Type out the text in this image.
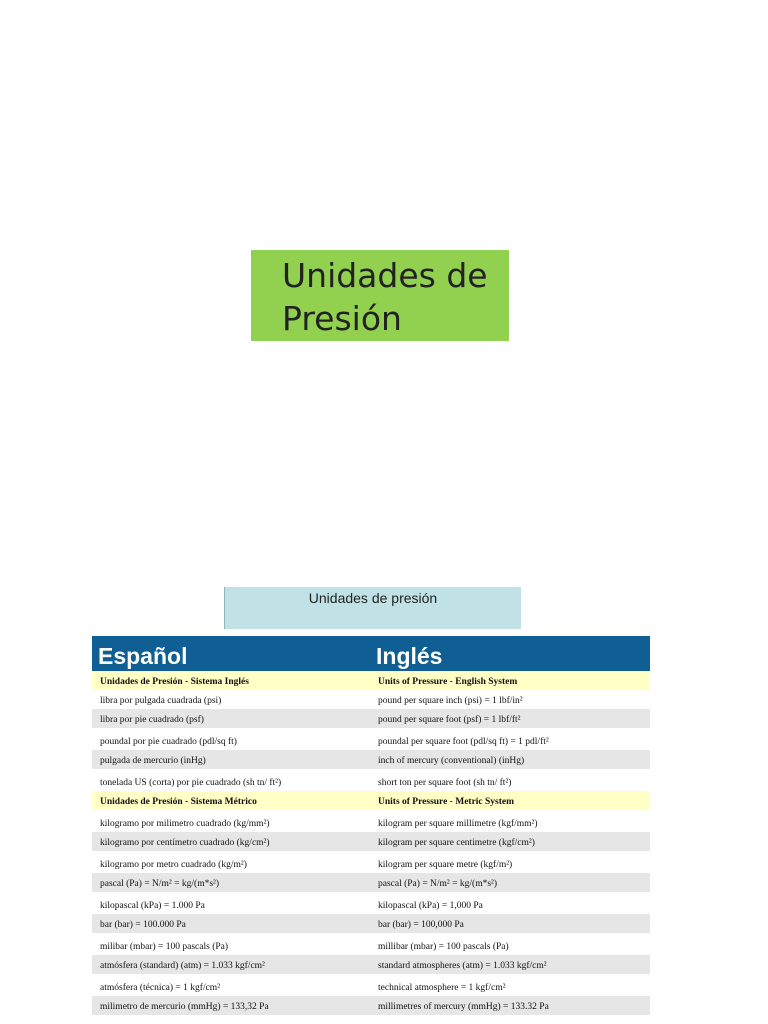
Unidades de Presión
Unidades de presión
Español	Inglés
Unidades de Presión - Sistema Inglés	Units of Pressure - English System
libra por pulgada cuadrada (psi)	pound per square inch (psi) = 1 lbf/in²
libra por pie cuadrado (psf)	pound per square foot (psf) = 1 lbf/ft²
poundal por pie cuadrado (pdl/sq ft)	poundal per square foot (pdl/sq ft) = 1 pdl/ft²
pulgada de mercurio (inHg)	inch of mercury (conventional) (inHg)
tonelada US (corta) por pie cuadrado (sh tn/ ft²)	short ton per square foot (sh tn/ ft²)
Unidades de Presión - Sistema Métrico	Units of Pressure - Metric System
kilogramo por milimetro cuadrado (kg/mm²)	kilogram per square millimetre (kgf/mm²)
kilogramo por centímetro cuadrado (kg/cm²)	kilogram per square centimetre (kgf/cm²)
kilogramo por metro cuadrado (kg/m²)	kilogram per square metre (kgf/m²)
pascal (Pa) = N/m² = kg/(m*s²)	pascal (Pa) = N/m² = kg/(m*s²)
kilopascal (kPa) = 1.000 Pa	kilopascal (kPa) = 1,000 Pa
bar (bar) = 100.000 Pa	bar (bar) = 100,000 Pa
milibar (mbar) = 100 pascals (Pa)	millibar (mbar) = 100 pascals (Pa)
atmósfera (standard) (atm) = 1.033 kgf/cm²	standard atmospheres (atm) = 1.033 kgf/cm²
atmósfera (técnica) = 1 kgf/cm²	technical atmosphere = 1 kgf/cm²
milimetro de mercurio (mmHg) = 133,32 Pa	millimetres of mercury (mmHg) = 133.32 Pa
